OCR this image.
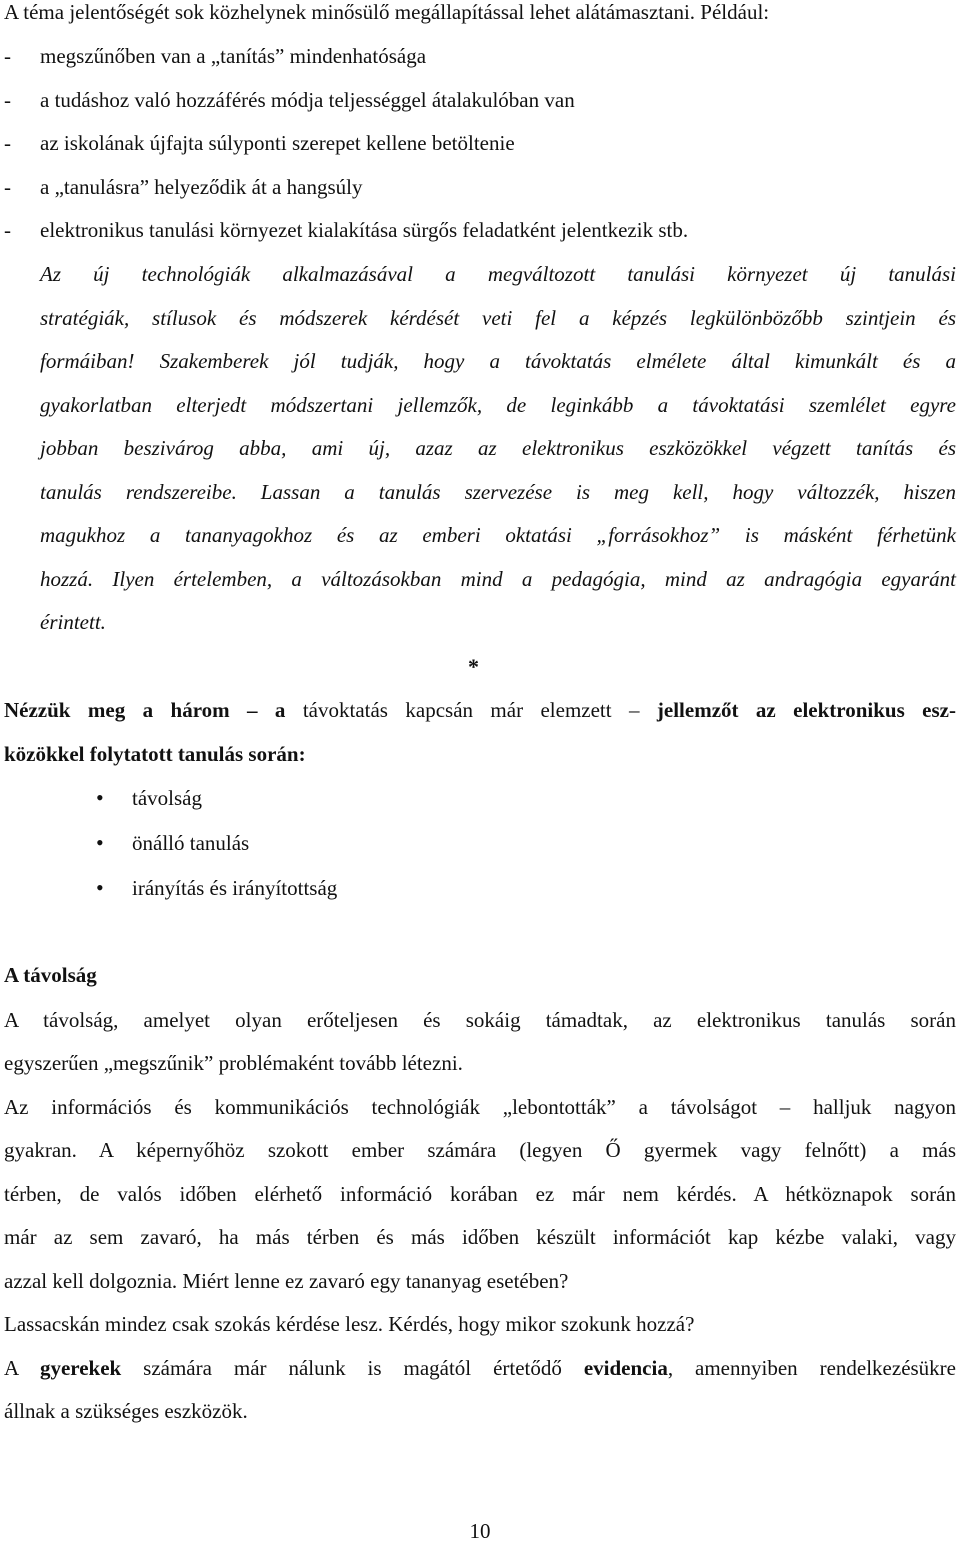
A téma jelentőségét sok közhelynek minősülő megállapítással lehet alátámasztani. Például:
- megszűnőben van a „tanítás” mindenhatósága
- a tudáshoz való hozzáférés módja teljességgel átalakulóban van
- az iskolának újfajta súlyponti szerepet kellene betöltenie
- a „tanulásra” helyeződik át a hangsúly
- elektronikus tanulási környezet kialakítása sürgős feladatként jelentkezik stb.
Az új technológiák alkalmazásával a megváltozott tanulási környezet új tanulási
stratégiák, stílusok és módszerek kérdését veti fel a képzés legkülönbözőbb szintjein és
formáiban! Szakemberek jól tudják, hogy a távoktatás elmélete által kimunkált és a
gyakorlatban elterjedt módszertani jellemzők, de leginkább a távoktatási szemlélet egyre
jobban beszivárog abba, ami új, azaz az elektronikus eszközökkel végzett tanítás és
tanulás rendszereibe. Lassan a tanulás szervezése is meg kell, hogy változzék, hiszen
magukhoz a tananyagokhoz és az emberi oktatási „forrásokhoz” is másként férhetünk
hozzá. Ilyen értelemben, a változásokban mind a pedagógia, mind az andragógia egyaránt
érintett.
*
Nézzük meg a három – a távoktatás kapcsán már elemzett – jellemzőt az elektronikus esz-
közökkel folytatott tanulás során:
• távolság
• önálló tanulás
• irányítás és irányítottság
A távolság
A távolság, amelyet olyan erőteljesen és sokáig támadtak, az elektronikus tanulás során
egyszerűen „megszűnik” problémaként tovább létezni.
Az információs és kommunikációs technológiák „lebontották” a távolságot – halljuk nagyon
gyakran. A képernyőhöz szokott ember számára (legyen Ő gyermek vagy felnőtt) a más
térben, de valós időben elérhető információ korában ez már nem kérdés. A hétköznapok során
már az sem zavaró, ha más térben és más időben készült információt kap kézbe valaki, vagy
azzal kell dolgoznia. Miért lenne ez zavaró egy tananyag esetében?
Lassacskán mindez csak szokás kérdése lesz. Kérdés, hogy mikor szokunk hozzá?
A gyerekek számára már nálunk is magától értetődő evidencia, amennyiben rendelkezésükre
állnak a szükséges eszközök.
10
